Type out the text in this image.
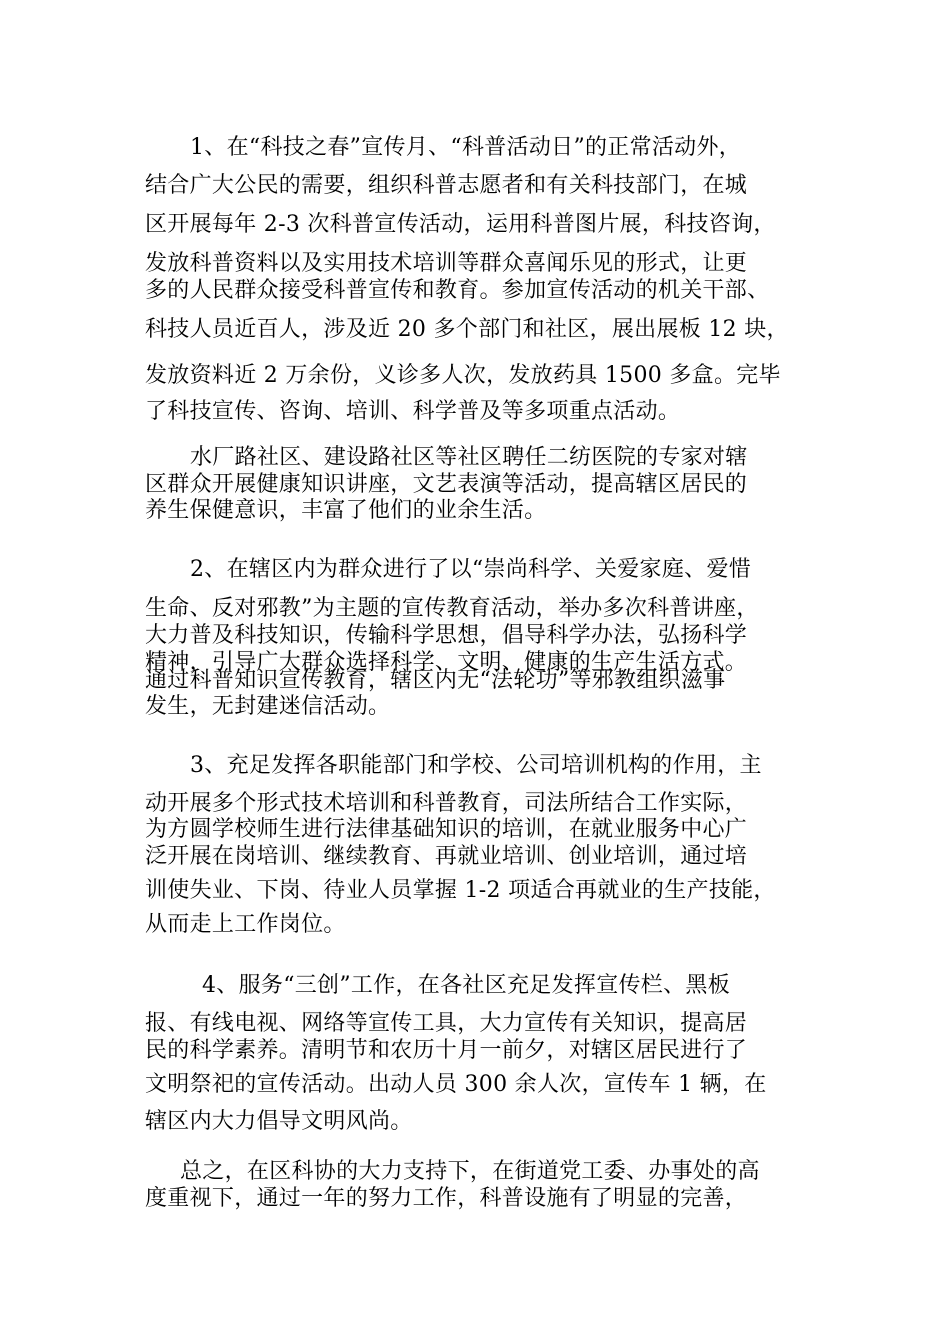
1、在“科技之春”宣传月、“科普活动日”的正常活动外，
结合广大公民的需要，组织科普志愿者和有关科技部门，在城
区开展每年 2-3 次科普宣传活动，运用科普图片展，科技咨询，
发放科普资料以及实用技术培训等群众喜闻乐见的形式，让更
多的人民群众接受科普宣传和教育。参加宣传活动的机关干部、
科技人员近百人，涉及近 20 多个部门和社区，展出展板 12 块，
发放资料近 2 万余份，义诊多人次，发放药具 1500 多盒。完毕
了科技宣传、咨询、培训、科学普及等多项重点活动。
水厂路社区、建设路社区等社区聘任二纺医院的专家对辖
区群众开展健康知识讲座，文艺表演等活动，提高辖区居民的
养生保健意识，丰富了他们的业余生活。
2、在辖区内为群众进行了以“崇尚科学、关爱家庭、爱惜
生命、反对邪教”为主题的宣传教育活动，举办多次科普讲座，
大力普及科技知识，传输科学思想，倡导科学办法，弘扬科学
精神，引导广大群众选择科学、文明、健康的生产生活方式。
通过科普知识宣传教育，辖区内无“法轮功”等邪教组织滋事
发生，无封建迷信活动。
3、充足发挥各职能部门和学校、公司培训机构的作用，主
动开展多个形式技术培训和科普教育，司法所结合工作实际，
为方圆学校师生进行法律基础知识的培训，在就业服务中心广
泛开展在岗培训、继续教育、再就业培训、创业培训，通过培
训使失业、下岗、待业人员掌握 1-2 项适合再就业的生产技能，
从而走上工作岗位。
4、服务“三创”工作，在各社区充足发挥宣传栏、黑板
报、有线电视、网络等宣传工具，大力宣传有关知识，提高居
民的科学素养。清明节和农历十月一前夕，对辖区居民进行了
文明祭祀的宣传活动。出动人员 300 余人次，宣传车 1 辆，在
辖区内大力倡导文明风尚。
总之，在区科协的大力支持下，在街道党工委、办事处的高
度重视下，通过一年的努力工作，科普设施有了明显的完善，
